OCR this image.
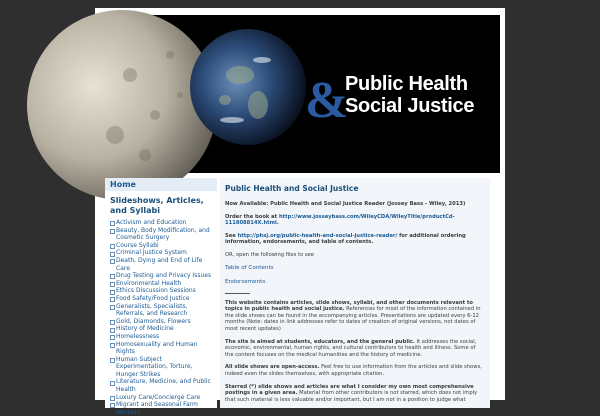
&
Public Health
Social Justice
Home
Slideshows, Articles, and Syllabi
Activism and Education
Beauty, Body Modification, and Cosmetic Surgery
Course Syllabi
Criminal Justice System
Death, Dying and End of Life Care
Drug Testing and Privacy Issues
Environmental Health
Ethics Discussion Sessions
Food Safety/Food Justice
Generalists, Specialists, Referrals, and Research
Gold, Diamonds, Flowers
History of Medicine
Homelessness
Homosexuality and Human Rights
Human Subject Experimentation, Torture, Hunger Strikes
Literature, Medicine, and Public Health
Luxury Care/Concierge Care
Migrant and Seasonal Farm Workers
Public Health and Social Justice

Now Available: Public Health and Social Justice Reader (Jossey Bass - Wiley, 2013)

Order the book at http://www.josseybass.com/WileyCDA/WileyTitle/productCd-111808814X.html.

See http://phsj.org/public-health-and-social-justice-reader/ for additional ordering information, endorsements, and table of contents.

OR, open the following files to see

Table of Contents
Endorsements

This website contains articles, slide shows, syllabi, and other documents relevant to topics in public health and social justice. References for most of the information contained in the slide shows can be found in the accompanying articles. Presentations are updated every 6-12 months (Note: dates in link addresses refer to dates of creation of original versions, not dates of most recent updates)

The site is aimed at students, educators, and the general public. It addresses the social, economic, environmental, human rights, and cultural contributors to health and illness. Some of the content focuses on the medical humanities and the history of medicine.

All slide shows are open-access. Feel free to use information from the articles and slide shows, indeed even the slides themselves, with appropriate citation.

Starred (*) slide shows and articles are what I consider my own most comprehensive postings in a given area. Material from other contributors is not starred, which does not imply that such material is less valuable and/or important, but I am not in a position to judge what
